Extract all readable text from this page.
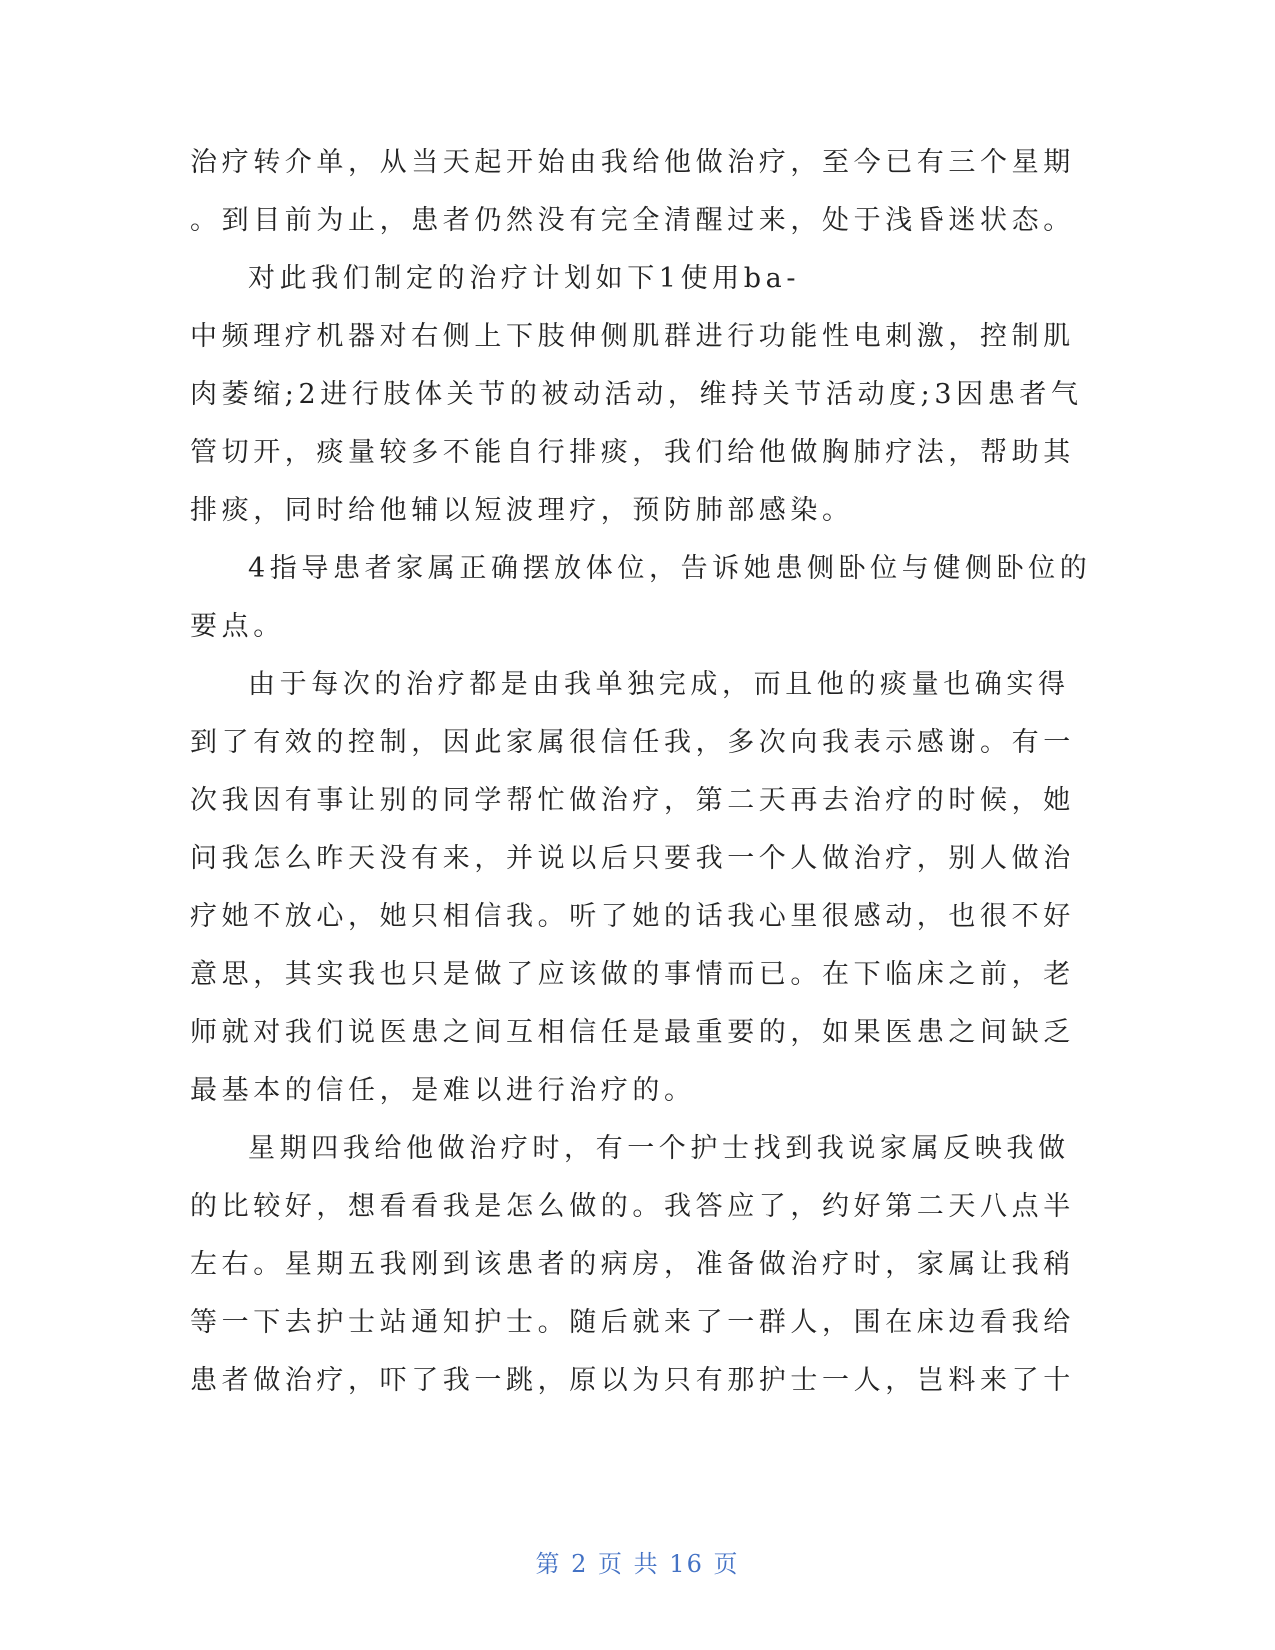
治疗转介单，从当天起开始由我给他做治疗，至今已有三个星期
。到目前为止，患者仍然没有完全清醒过来，处于浅昏迷状态。
对此我们制定的治疗计划如下1使用ba-
中频理疗机器对右侧上下肢伸侧肌群进行功能性电刺激，控制肌
肉萎缩;2进行肢体关节的被动活动，维持关节活动度;3因患者气
管切开，痰量较多不能自行排痰，我们给他做胸肺疗法，帮助其
排痰，同时给他辅以短波理疗，预防肺部感染。
4指导患者家属正确摆放体位，告诉她患侧卧位与健侧卧位的
要点。
由于每次的治疗都是由我单独完成，而且他的痰量也确实得
到了有效的控制，因此家属很信任我，多次向我表示感谢。有一
次我因有事让别的同学帮忙做治疗，第二天再去治疗的时候，她
问我怎么昨天没有来，并说以后只要我一个人做治疗，别人做治
疗她不放心，她只相信我。听了她的话我心里很感动，也很不好
意思，其实我也只是做了应该做的事情而已。在下临床之前，老
师就对我们说医患之间互相信任是最重要的，如果医患之间缺乏
最基本的信任，是难以进行治疗的。
星期四我给他做治疗时，有一个护士找到我说家属反映我做
的比较好，想看看我是怎么做的。我答应了，约好第二天八点半
左右。星期五我刚到该患者的病房，准备做治疗时，家属让我稍
等一下去护士站通知护士。随后就来了一群人，围在床边看我给
患者做治疗，吓了我一跳，原以为只有那护士一人，岂料来了十
第 2 页 共 16 页
